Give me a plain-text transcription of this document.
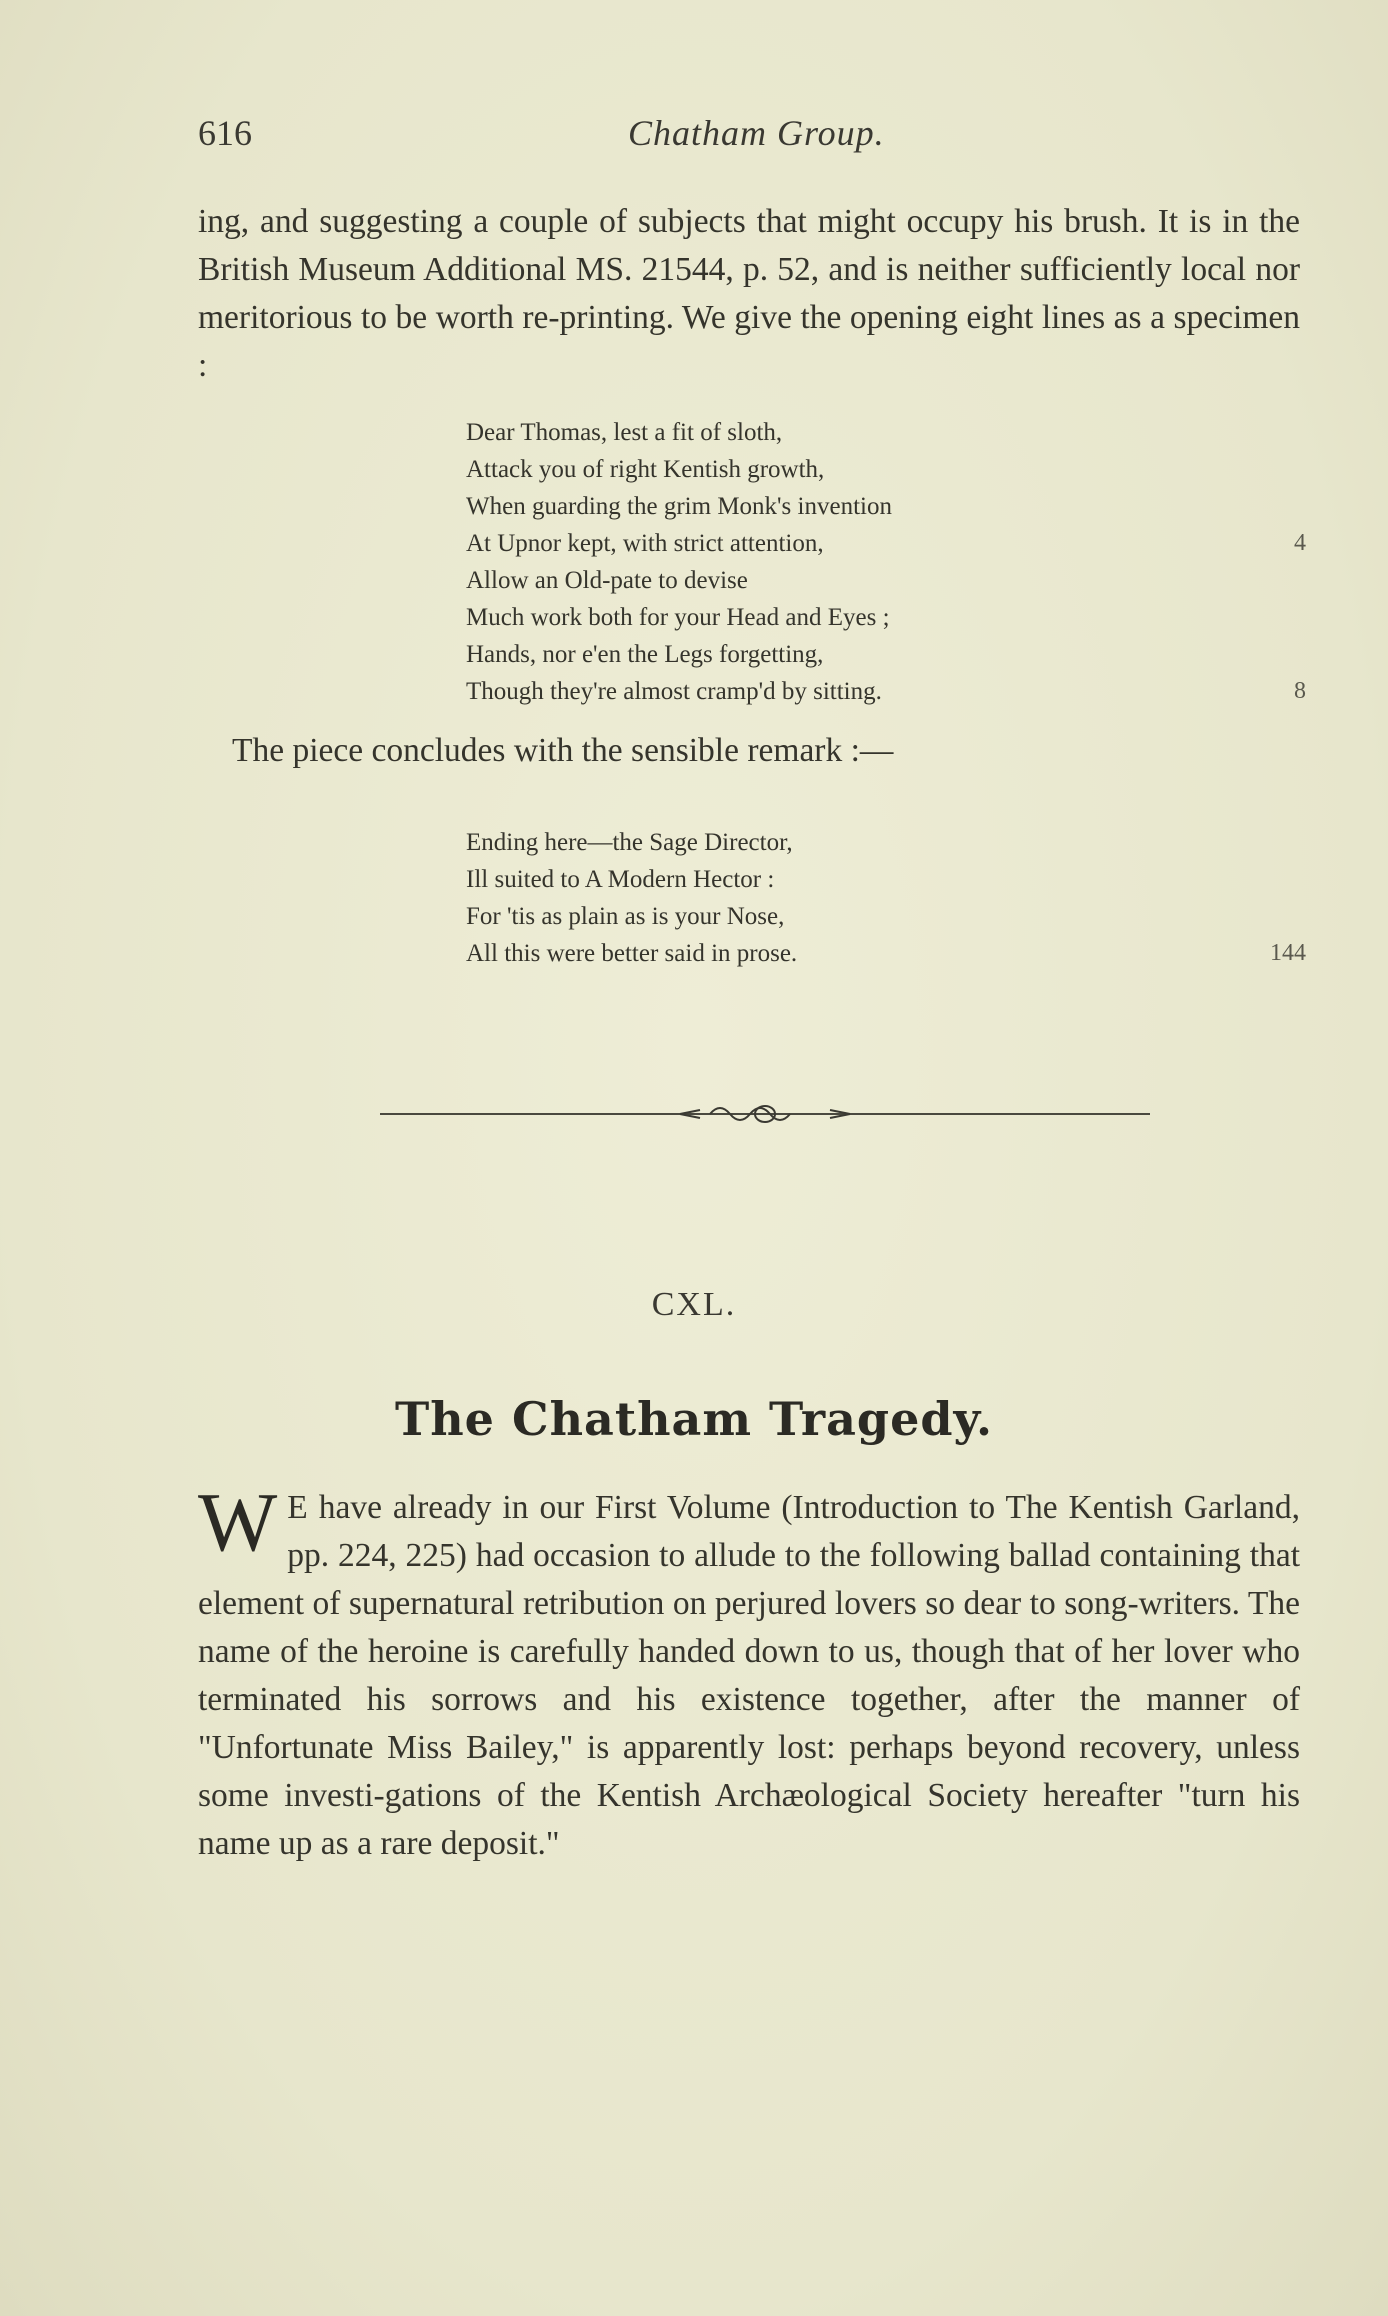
616	Chatham Group.

ing, and suggesting a couple of subjects that might occupy his brush. It is in the British Museum Additional MS. 21544, p. 52, and is neither sufficiently local nor meritorious to be worth re-printing. We give the opening eight lines as a specimen :

Dear Thomas, lest a fit of sloth,
Attack you of right Kentish growth,
When guarding the grim Monk's invention
At Upnor kept, with strict attention,	4
Allow an Old-pate to devise
Much work both for your Head and Eyes ;
Hands, nor e'en the Legs forgetting,
Though they're almost cramp'd by sitting.	8
The piece concludes with the sensible remark :—
Ending here—the Sage Director,
Ill suited to A Modern Hector :
For 'tis as plain as is your Nose,
All this were better said in prose.	144
CXL.
The Chatham Tragedy.
W E have already in our First Volume (Introduction to The Kentish Garland, pp. 224, 225) had occasion to allude to the following ballad containing that element of supernatural retribution on perjured lovers so dear to song-writers. The name of the heroine is carefully handed down to us, though that of her lover who terminated his sorrows and his existence together, after the manner of "Unfortunate Miss Bailey," is apparently lost: perhaps beyond recovery, unless some investi-gations of the Kentish Archæological Society hereafter "turn his name up as a rare deposit."
